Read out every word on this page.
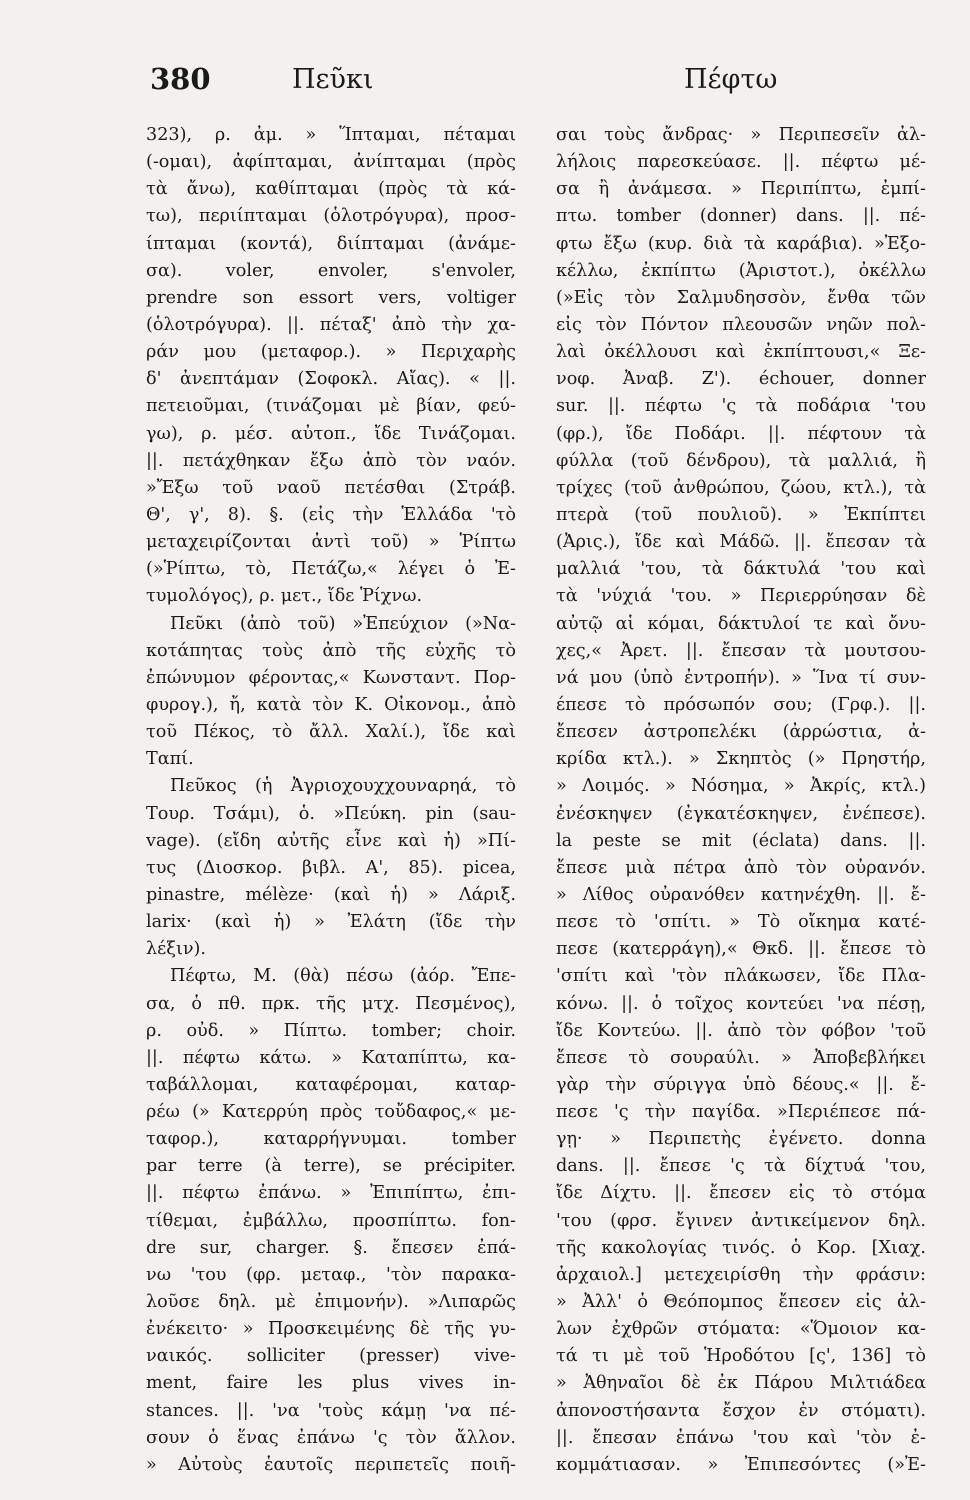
380	Πεῦκι	Πέφτω
323), ρ. ἀμ. » Ἵπταμαι, πέταμαι
(-ομαι), ἀφίπταμαι, ἀνίπταμαι (πρὸς
τὰ ἄνω), καθίπταμαι (πρὸς τὰ κά-
τω), περιίπταμαι (ὁλοτρόγυρα), προσ-
ίπταμαι (κοντά), διίπταμαι (ἀνάμε-
σα). voler, envoler, s'envoler,
prendre son essort vers, voltiger
(ὁλοτρόγυρα). ||. πέταξ' ἀπὸ τὴν χα-
ράν μου (μεταφορ.). » Περιχαρὴς
δ' ἀνεπτάμαν (Σοφοκλ. Αἴας). « ||.
πετειοῦμαι, (τινάζομαι μὲ βίαν, φεύ-
γω), ρ. μέσ. αὐτοπ., ἴδε Τινάζομαι.
||. πετάχθηκαν ἔξω ἀπὸ τὸν ναόν.
»Ἔξω τοῦ ναοῦ πετέσθαι (Στράβ.
Θ', γ', 8). §. (εἰς τὴν Ἑλλάδα 'τὸ
μεταχειρίζονται ἀντὶ τοῦ) » Ῥίπτω
(»Ῥίπτω, τὸ, Πετάζω,« λέγει ὁ Ἐ-
τυμολόγος), ρ. μετ., ἴδε Ῥίχνω.
Πεῦκι (ἀπὸ τοῦ) »Ἐπεύχιον (»Να-
κοτάπητας τοὺς ἀπὸ τῆς εὐχῆς τὸ
ἐπώνυμον φέροντας,« Κωνσταντ. Πορ-
φυρογ.), ἤ, κατὰ τὸν Κ. Οἰκονομ., ἀπὸ
τοῦ Πέκος, τὸ ἄλλ. Χαλί.), ἴδε καὶ
Ταπί.
Πεῦκος (ἡ Ἀγριοχουχχουναρηά, τὸ
Τουρ. Τσάμι), ὁ. »Πεύκη. pin (sau-
vage). (εἴδη αὐτῆς εἶνε καὶ ἡ) »Πί-
τυς (Διοσκορ. βιβλ. Α', 85). picea,
pinastre, mélèze· (καὶ ἡ) » Λάριξ.
larix· (καὶ ἡ) » Ἐλάτη (ἴδε τὴν
λέξιν).
Πέφτω, Μ. (θὰ) πέσω (ἀόρ. Ἔπε-
σα, ὁ πθ. πρκ. τῆς μτχ. Πεσμένος),
ρ. οὐδ. » Πίπτω. tomber; choir.
||. πέφτω κάτω. » Καταπίπτω, κα-
ταβάλλομαι, καταφέρομαι, καταρ-
ρέω (» Κατερρύη πρὸς τοὔδαφος,« με-
ταφορ.), καταρρήγνυμαι. tomber
par terre (à terre), se précipiter.
||. πέφτω ἐπάνω. » Ἐπιπίπτω, ἐπι-
τίθεμαι, ἐμβάλλω, προσπίπτω. fon-
dre sur, charger. §. ἔπεσεν ἐπά-
νω 'του (φρ. μεταφ., 'τὸν παρακα-
λοῦσε δηλ. μὲ ἐπιμονήν). »Λιπαρῶς
ἐνέκειτο· » Προσκειμένης δὲ τῆς γυ-
ναικός. solliciter (presser) vive-
ment, faire les plus vives in-
stances. ||. 'να 'τοὺς κάμῃ 'να πέ-
σουν ὁ ἕνας ἐπάνω 'ς τὸν ἄλλον.
» Αὐτοὺς ἑαυτοῖς περιπετεῖς ποιῆ-
σαι τοὺς ἄνδρας· » Περιπεσεῖν ἀλ-
λήλοις παρεσκεύασε. ||. πέφτω μέ-
σα ἢ ἀνάμεσα. » Περιπίπτω, ἐμπί-
πτω. tomber (donner) dans. ||. πέ-
φτω ἔξω (κυρ. διὰ τὰ καράβια). »Ἐξο-
κέλλω, ἐκπίπτω (Ἀριστοτ.), ὀκέλλω
(»Εἰς τὸν Σαλμυδησσὸν, ἔνθα τῶν
εἰς τὸν Πόντον πλεουσῶν νηῶν πολ-
λαὶ ὀκέλλουσι καὶ ἐκπίπτουσι,« Ξε-
νοφ. Ἀναβ. Ζ'). échouer, donner
sur. ||. πέφτω 'ς τὰ ποδάρια 'του
(φρ.), ἴδε Ποδάρι. ||. πέφτουν τὰ
φύλλα (τοῦ δένδρου), τὰ μαλλιά, ἢ
τρίχες (τοῦ ἀνθρώπου, ζώου, κτλ.), τὰ
πτερὰ (τοῦ πουλιοῦ). » Ἐκπίπτει
(Ἀρις.), ἴδε καὶ Μάδῶ. ||. ἔπεσαν τὰ
μαλλιά 'του, τὰ δάκτυλά 'του καὶ
τὰ 'νύχιά 'του. » Περιερρύησαν δὲ
αὐτῷ αἱ κόμαι, δάκτυλοί τε καὶ ὄνυ-
χες,« Ἀρετ. ||. ἔπεσαν τὰ μουτσου-
νά μου (ὑπὸ ἐντροπήν). » Ἵνα τί συν-
έπεσε τὸ πρόσωπόν σου; (Γρφ.). ||.
ἔπεσεν ἀστροπελέκι (ἀρρώστια, ἀ-
κρίδα κτλ.). » Σκηπτὸς (» Πρηστήρ,
» Λοιμός. » Νόσημα, » Ἀκρίς, κτλ.)
ἐνέσκηψεν (ἐγκατέσκηψεν, ἐνέπεσε).
la peste se mit (éclata) dans. ||.
ἔπεσε μιὰ πέτρα ἀπὸ τὸν οὐρανόν.
» Λίθος οὐρανόθεν κατηνέχθη. ||. ἔ-
πεσε τὸ 'σπίτι. » Τὸ οἴκημα κατέ-
πεσε (κατερράγη),« Θκδ. ||. ἔπεσε τὸ
'σπίτι καὶ 'τὸν πλάκωσεν, ἴδε Πλα-
κόνω. ||. ὁ τοῖχος κοντεύει 'να πέσῃ,
ἴδε Κοντεύω. ||. ἀπὸ τὸν φόβον 'τοῦ
ἔπεσε τὸ σουραύλι. » Ἀποβεβλήκει
γὰρ τὴν σύριγγα ὑπὸ δέους.« ||. ἔ-
πεσε 'ς τὴν παγίδα. »Περιέπεσε πά-
γῃ· » Περιπετὴς ἐγένετο. donna
dans. ||. ἔπεσε 'ς τὰ δίχτυά 'του,
ἴδε Δίχτυ. ||. ἔπεσεν εἰς τὸ στόμα
'του (φρσ. ἔγινεν ἀντικείμενον δηλ.
τῆς κακολογίας τινός. ὁ Κορ. [Χιαχ.
ἀρχαιολ.] μετεχειρίσθη τὴν φράσιν:
» Ἀλλ' ὁ Θεόπομπος ἔπεσεν εἰς ἀλ-
λων ἐχθρῶν στόματα: «Ὅμοιον κα-
τά τι μὲ τοῦ Ἡροδότου [ς', 136] τὸ
» Ἀθηναῖοι δὲ ἐκ Πάρου Μιλτιάδεα
ἀπονοστήσαντα ἔσχον ἐν στόματι).
||. ἔπεσαν ἐπάνω 'του καὶ 'τὸν ἐ-
κομμάτιασαν. » Ἐπιπεσόντες (»Ἐ-
